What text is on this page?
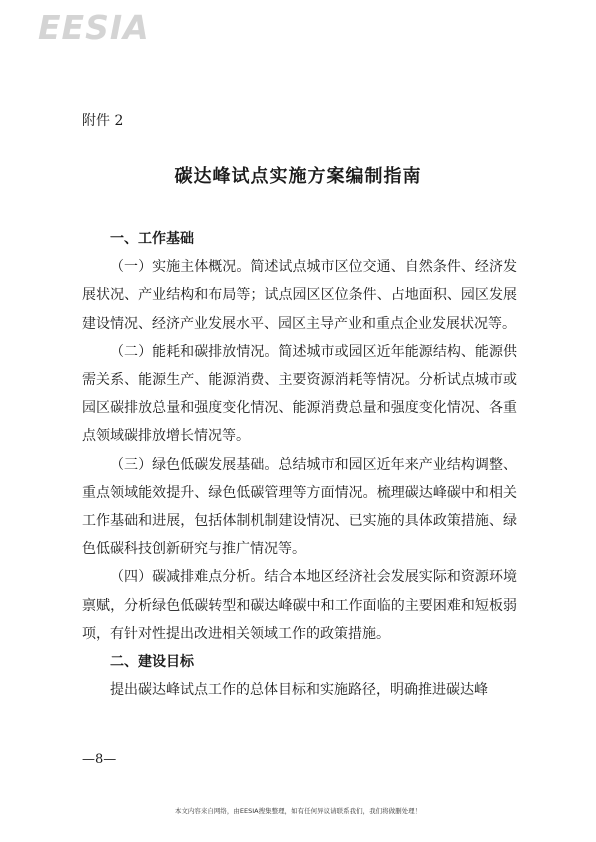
EESIA
附件 2
碳达峰试点实施方案编制指南

一、工作基础

（一）实施主体概况。简述试点城市区位交通、自然条件、经济发展状况、产业结构和布局等；试点园区区位条件、占地面积、园区发展建设情况、经济产业发展水平、园区主导产业和重点企业发展状况等。

（二）能耗和碳排放情况。简述城市或园区近年能源结构、能源供需关系、能源生产、能源消费、主要资源消耗等情况。分析试点城市或园区碳排放总量和强度变化情况、能源消费总量和强度变化情况、各重点领域碳排放增长情况等。

（三）绿色低碳发展基础。总结城市和园区近年来产业结构调整、重点领域能效提升、绿色低碳管理等方面情况。梳理碳达峰碳中和相关工作基础和进展，包括体制机制建设情况、已实施的具体政策措施、绿色低碳科技创新研究与推广情况等。

（四）碳减排难点分析。结合本地区经济社会发展实际和资源环境禀赋，分析绿色低碳转型和碳达峰碳中和工作面临的主要困难和短板弱项，有针对性提出改进相关领域工作的政策措施。

二、建设目标

提出碳达峰试点工作的总体目标和实施路径，明确推进碳达峰

—8—
本文内容来自网络，由EESIA搜集整理，如有任何异议请联系我们，我们将做删处理！
